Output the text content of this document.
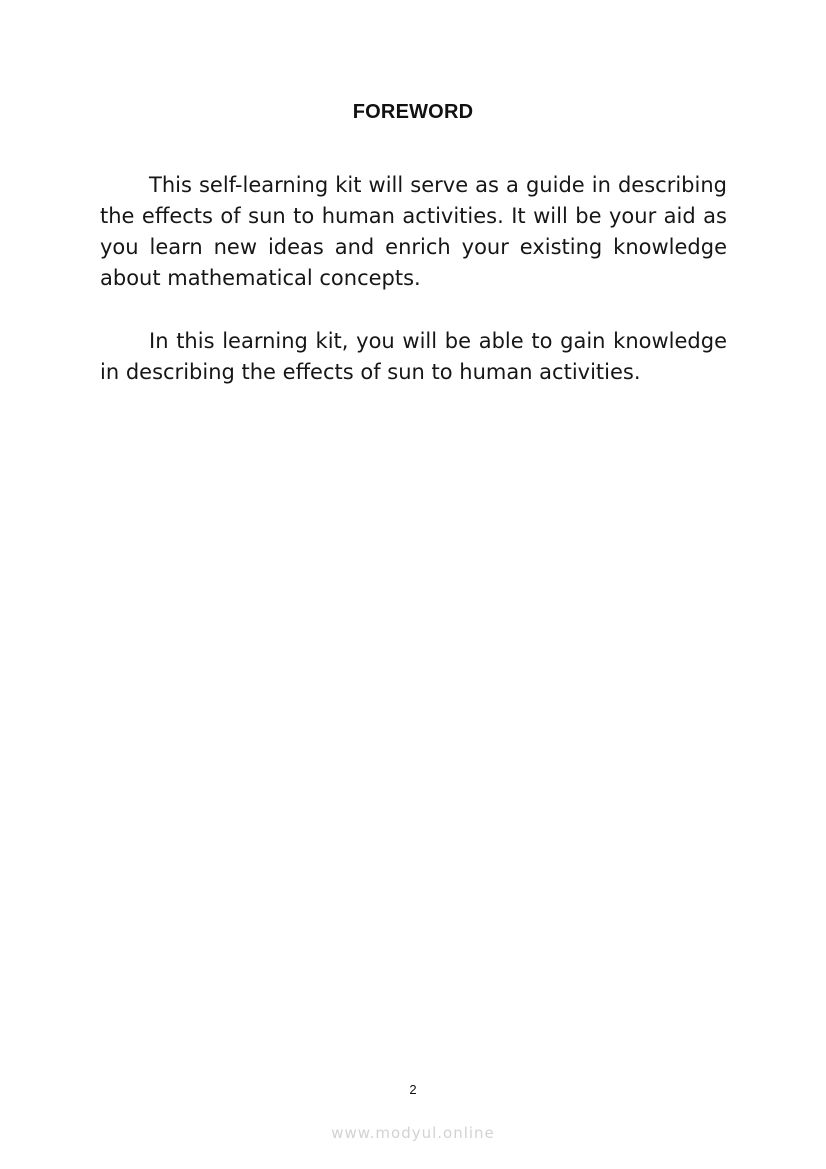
FOREWORD

This self-learning kit will serve as a guide in describing the effects of sun to human activities. It will be your aid as you learn new ideas and enrich your existing knowledge about mathematical concepts.

In this learning kit, you will be able to gain knowledge in describing the effects of sun to human activities.

2
www.modyul.online
